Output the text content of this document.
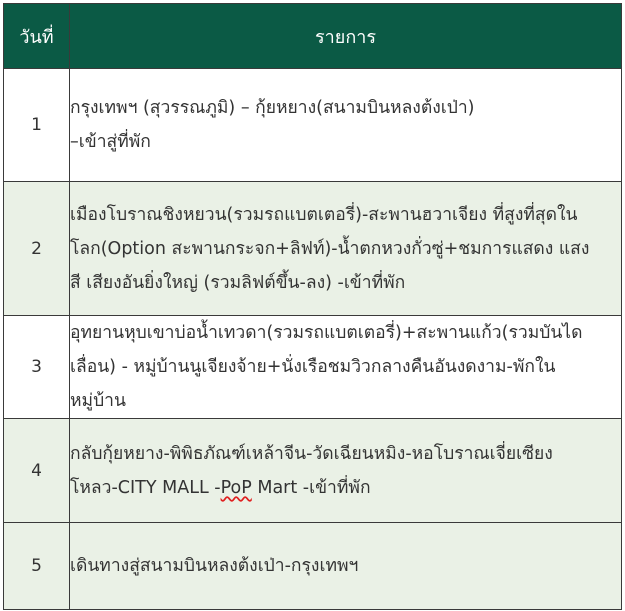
วันที่	รายการ
1	กรุงเทพฯ (สุวรรณภูมิ) – กุ้ยหยาง(สนามบินหลงต้งเป่า)
–เข้าสู่ที่พัก

2	เมืองโบราณชิงหยวน(รวมรถแบตเตอรี่)-สะพานฮวาเจียง ที่สูงที่สุดใน
โลก(Option สะพานกระจก+ลิฟท์)-น้ำตกหวงกั่วซู่+ชมการแสดง แสง
สี เสียงอันยิ่งใหญ่ (รวมลิฟต์ขึ้น-ลง) -เข้าที่พัก

3	อุทยานหุบเขาบ่อน้ำเทวดา(รวมรถแบตเตอรี่)+สะพานแก้ว(รวมบันได
เลื่อน) - หมู่บ้านนูเจียงจ้าย+นั่งเรือชมวิวกลางคืนอันงดงาม-พักใน
หมู่บ้าน

4	กลับกุ้ยหยาง-พิพิธภัณฑ์เหล้าจีน-วัดเฉียนหมิง-หอโบราณเจี่ยเซียง
โหลว-CITY MALL -PoP Mart -เข้าที่พัก

5	เดินทางสู่สนามบินหลงต้งเป่า-กรุงเทพฯ
